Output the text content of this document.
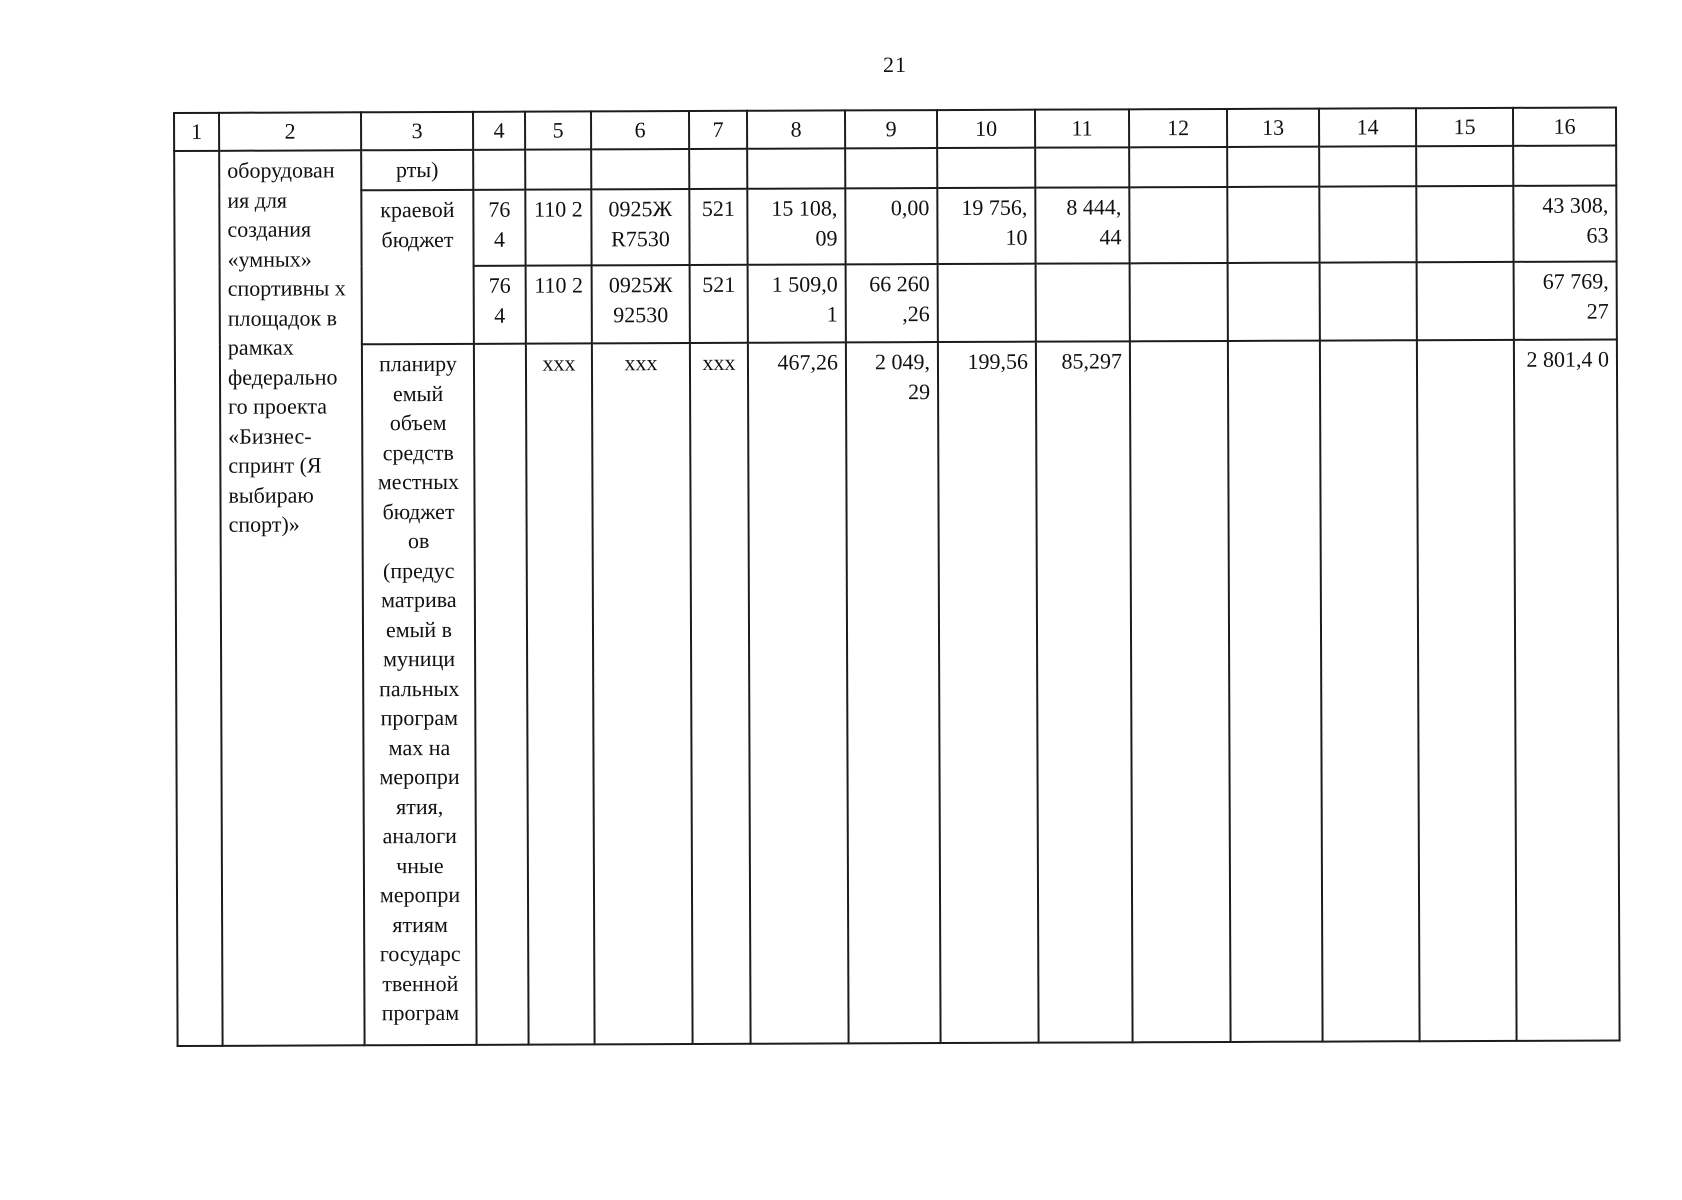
21
1	2	3	4	5	6	7	8	9	10	11	12	13	14	15	16
	оборудован ия для создания «умных» спортивны х площадок в рамках федерально го проекта «Бизнес- спринт (Я выбираю спорт)»	рты)													
		краевой бюджет	76 4	110 2	0925Ж R7530	521	15 108, 09	0,00	19 756, 10	8 444, 44					43 308, 63
			76 4	110 2	0925Ж 92530	521	1 509,0 1	66 260 ,26							67 769, 27
		планиру емый объем средств местных бюджет ов (предус матрива емый в муници пальных програм мах на меропри ятия, аналоги чные меропри ятиям государс твенной програм		ххх	ххх	ххх	467,26	2 049, 29	199,56	85,297					2 801,4 0
